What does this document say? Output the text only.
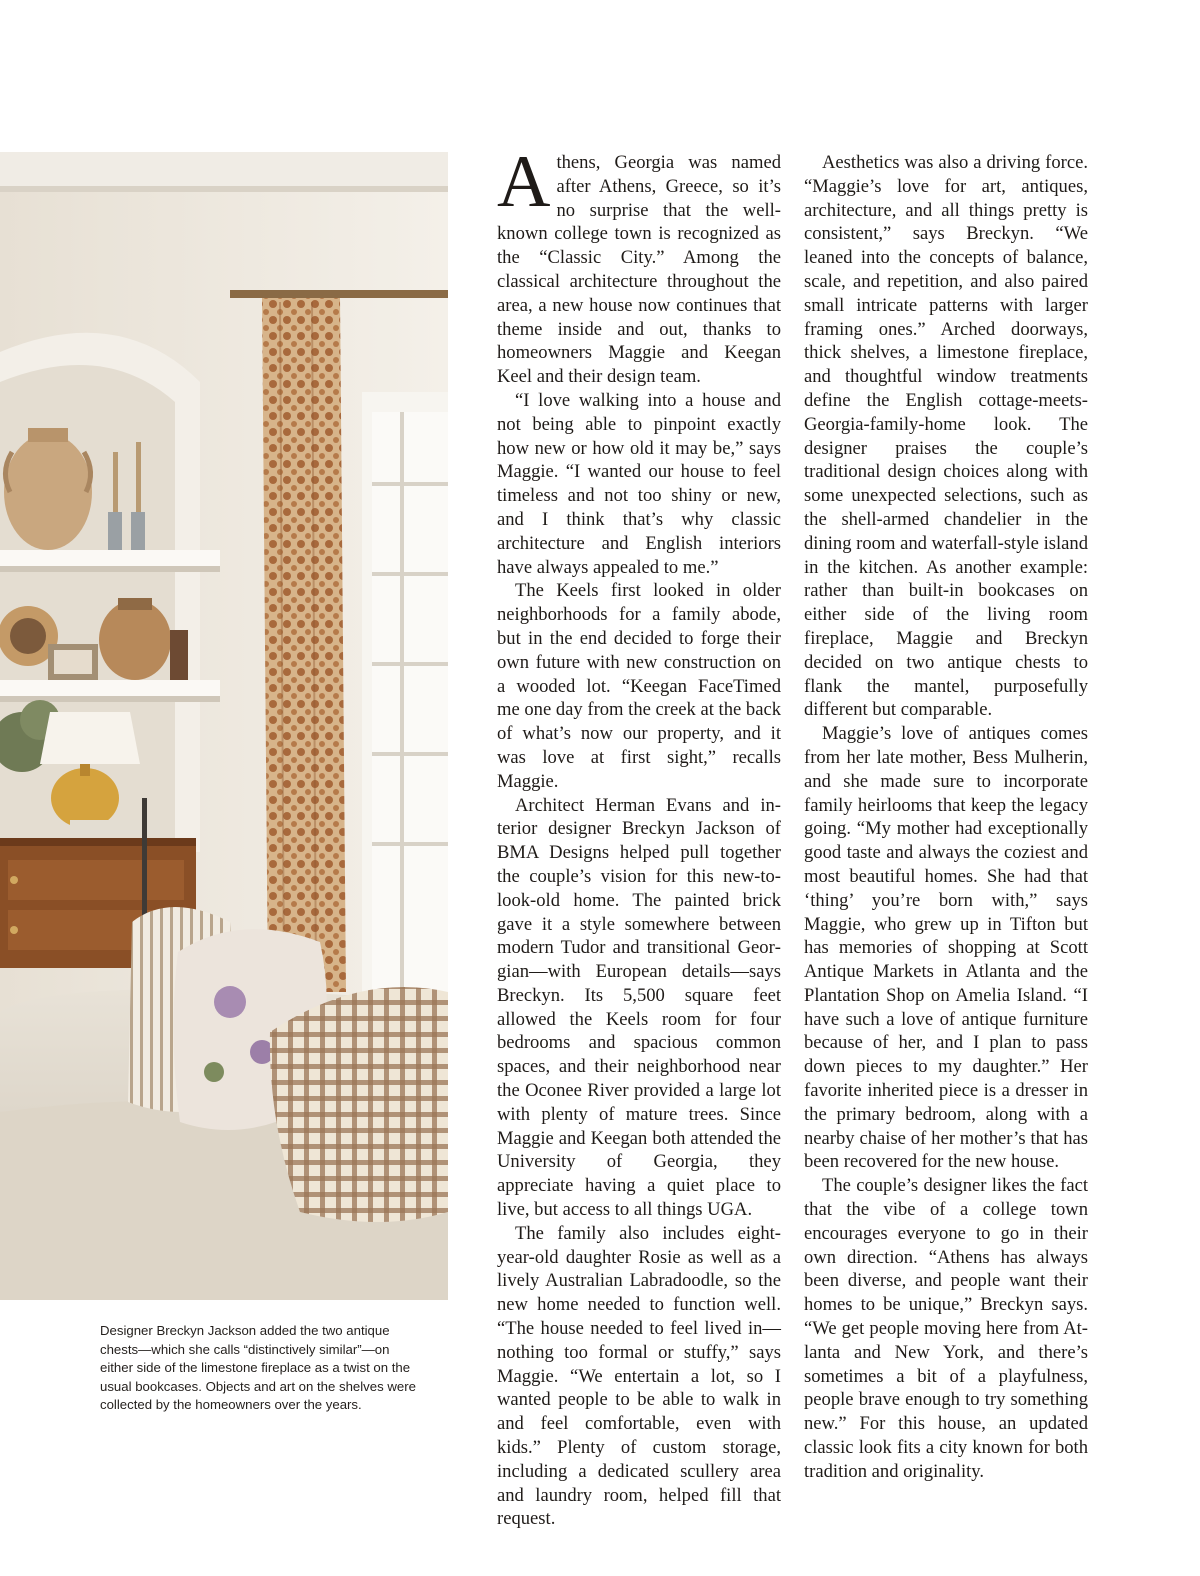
Designer Breckyn Jackson added the two antique chests—which she calls “distinctively similar”—on either side of the limestone fireplace as a twist on the usual bookcases. Objects and art on the shelves were collected by the homeowners over the years.

Athens, Georgia was named after Athens, Greece, so it’s no surprise that the well-known college town is recognized as the “Classic City.” Among the classical architecture throughout the area, a new house now continues that theme inside and out, thanks to homeowners Maggie and Keegan Keel and their design team.

“I love walking into a house and not being able to pinpoint exactly how new or how old it may be,” says Maggie. “I wanted our house to feel timeless and not too shiny or new, and I think that’s why classic architecture and English interiors have always appealed to me.”

The Keels first looked in older neighborhoods for a family abode, but in the end decided to forge their own future with new construction on a wooded lot. “Keegan FaceTimed me one day from the creek at the back of what’s now our property, and it was love at first sight,” recalls Maggie.

Architect Herman Evans and interior designer Breckyn Jackson of BMA Designs helped pull together the couple’s vision for this new-to-look-old home. The painted brick gave it a style somewhere between modern Tudor and transitional Georgian—with European details—says Breckyn. Its 5,500 square feet allowed the Keels room for four bedrooms and spacious common spaces, and their neighborhood near the Oconee River provided a large lot with plenty of mature trees. Since Maggie and Keegan both attended the University of Georgia, they appreciate having a quiet place to live, but access to all things UGA.

The family also includes eight-year-old daughter Rosie as well as a lively Australian Labradoodle, so the new home needed to function well. “The house needed to feel lived in—nothing too formal or stuffy,” says Maggie. “We entertain a lot, so I wanted people to be able to walk in and feel comfortable, even with kids.” Plenty of custom storage, including a dedicated scullery area and laundry room, helped fill that request.

Aesthetics was also a driving force. “Maggie’s love for art, antiques, architecture, and all things pretty is consistent,” says Breckyn. “We leaned into the concepts of balance, scale, and repetition, and also paired small intricate patterns with larger framing ones.” Arched doorways, thick shelves, a limestone fireplace, and thoughtful window treatments define the English cottage-meets-Georgia-family-home look. The designer praises the couple’s traditional design choices along with some unexpected selections, such as the shell-armed chandelier in the dining room and waterfall-style island in the kitchen. As another example: rather than built-in bookcases on either side of the living room fireplace, Maggie and Breckyn decided on two antique chests to flank the mantel, purposefully different but comparable.

Maggie’s love of antiques comes from her late mother, Bess Mulherin, and she made sure to incorporate family heirlooms that keep the legacy going. “My mother had exceptionally good taste and always the coziest and most beautiful homes. She had that ‘thing’ you’re born with,” says Maggie, who grew up in Tifton but has memories of shopping at Scott Antique Markets in Atlanta and the Plantation Shop on Amelia Island. “I have such a love of antique furniture because of her, and I plan to pass down pieces to my daughter.” Her favorite inherited piece is a dresser in the primary bedroom, along with a nearby chaise of her mother’s that has been recovered for the new house.

The couple’s designer likes the fact that the vibe of a college town encourages everyone to go in their own direction. “Athens has always been diverse, and people want their homes to be unique,” Breckyn says. “We get people moving here from Atlanta and New York, and there’s sometimes a bit of a playfulness, people brave enough to try something new.” For this house, an updated classic look fits a city known for both tradition and originality.
